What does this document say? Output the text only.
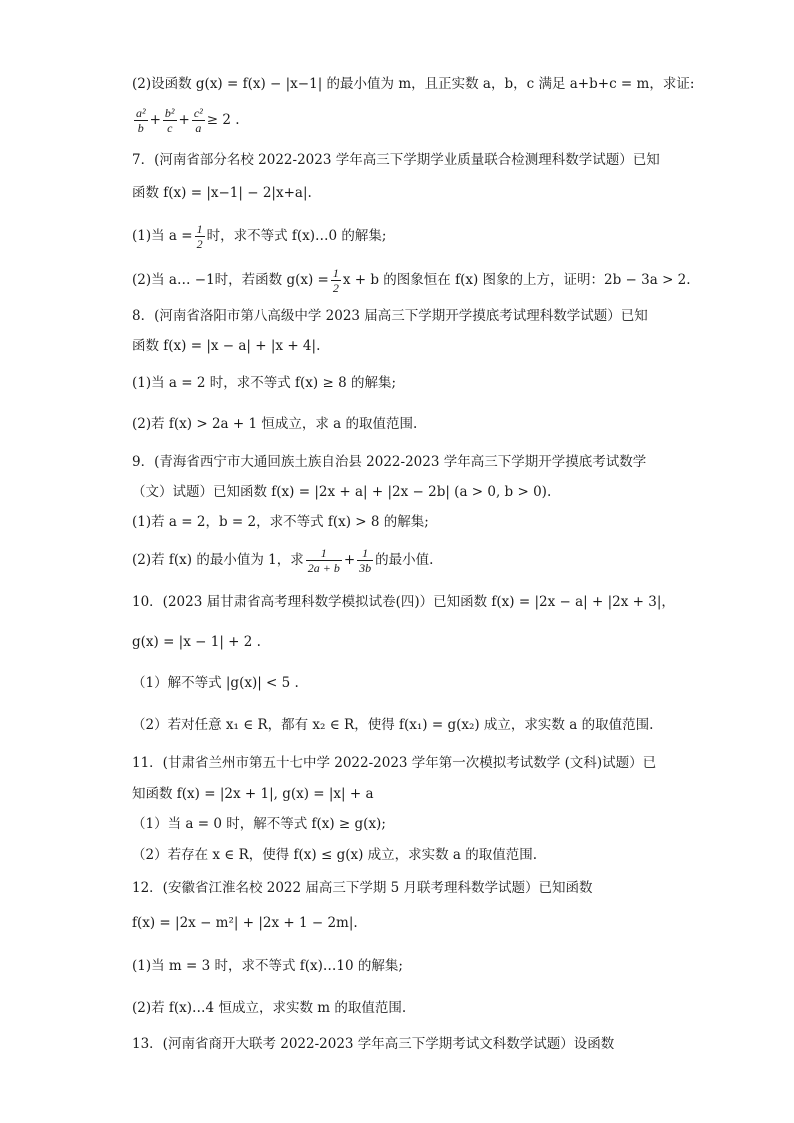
(2)设函数 g(x) = f(x) − |x−1| 的最小值为 m，且正实数 a，b，c 满足 a+b+c = m，求证:
$\frac{\text{a²}}{b} + \frac{\text{b²}}{c} + \frac{\text{c²}}{a} \ge 2$ .
7．(河南省部分名校 2022-2023 学年高三下学期学业质量联合检测理科数学试题）已知
函数 f(x) = |x−1| − 2|x+a|.
(1)当 $a = \frac{1}{2}$ 时，求不等式 f(x)…0 的解集;
(2)当 a… −1时，若函数 $g(x) = \frac{1}{2}$ x + b 的图象恒在 f(x) 图象的上方，证明：2b − 3a > 2.
8．(河南省洛阳市第八高级中学 2023 届高三下学期开学摸底考试理科数学试题）已知
函数 f(x) = |x − a| + |x + 4|.
(1)当 a = 2 时，求不等式 f(x) ≥ 8 的解集;
(2)若 f(x) > 2a + 1 恒成立，求 a 的取值范围.
9．(青海省西宁市大通回族土族自治县 2022-2023 学年高三下学期开学摸底考试数学
（文）试题）已知函数 f(x) = |2x + a| + |2x − 2b| (a > 0, b > 0).
(1)若 a = 2，b = 2，求不等式 f(x) > 8 的解集;
(2)若 f(x) 的最小值为 1，求 $\frac{1}{2a + b} + \frac{1}{3b}$ 的最小值.
10．(2023 届甘肃省高考理科数学模拟试卷(四)）已知函数 f(x) = |2x − a| + |2x + 3|，
g(x) = |x − 1| + 2 .
（1）解不等式 |g(x)| < 5 .
（2）若对任意 x₁ ∈ R，都有 x₂ ∈ R，使得 f(x₁) = g(x₂) 成立，求实数 a 的取值范围.
11．(甘肃省兰州市第五十七中学 2022-2023 学年第一次模拟考试数学 (文科)试题）已
知函数 f(x) = |2x + 1|, g(x) = |x| + a
（1）当 a = 0 时，解不等式 f(x) ≥ g(x);
（2）若存在 x ∈ R，使得 f(x) ≤ g(x) 成立，求实数 a 的取值范围.
12．(安徽省江淮名校 2022 届高三下学期 5 月联考理科数学试题）已知函数
f(x) = |2x − m²| + |2x + 1 − 2m|.
(1)当 m = 3 时，求不等式 f(x)…10 的解集;
(2)若 f(x)…4 恒成立，求实数 m 的取值范围.
13．(河南省商开大联考 2022-2023 学年高三下学期考试文科数学试题）设函数
